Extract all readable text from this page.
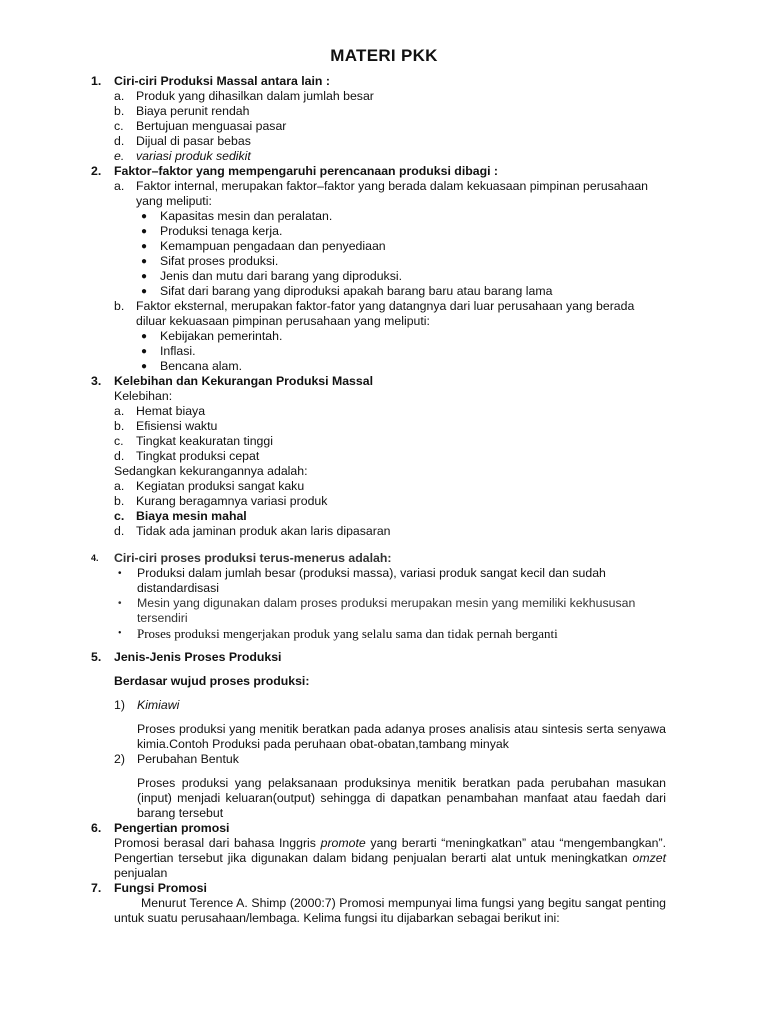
MATERI PKK
1. Ciri-ciri Produksi Massal antara lain :
a. Produk yang dihasilkan dalam jumlah besar
b. Biaya perunit rendah
c. Bertujuan menguasai pasar
d. Dijual di pasar bebas
e. variasi produk sedikit
2. Faktor–faktor yang mempengaruhi perencanaan produksi dibagi :
a. Faktor internal, merupakan faktor–faktor yang berada dalam kekuasaan pimpinan perusahaan yang meliputi:
● Kapasitas mesin dan peralatan.
● Produksi tenaga kerja.
● Kemampuan pengadaan dan penyediaan
● Sifat proses produksi.
● Jenis dan mutu dari barang yang diproduksi.
● Sifat dari barang yang diproduksi apakah barang baru atau barang lama
b. Faktor eksternal, merupakan faktor-fator yang datangnya dari luar perusahaan yang berada diluar kekuasaan pimpinan perusahaan yang meliputi:
● Kebijakan pemerintah.
● Inflasi.
● Bencana alam.
3. Kelebihan dan Kekurangan Produksi Massal
Kelebihan:
a. Hemat biaya
b. Efisiensi waktu
c. Tingkat keakuratan tinggi
d. Tingkat produksi cepat
Sedangkan kekurangannya adalah:
a. Kegiatan produksi sangat kaku
b. Kurang beragamnya variasi produk
c. Biaya mesin mahal
d. Tidak ada jaminan produk akan laris dipasaran
4. Ciri-ciri proses produksi terus-menerus adalah:
• Produksi dalam jumlah besar (produksi massa), variasi produk sangat kecil dan sudah distandardisasi
• Mesin yang digunakan dalam proses produksi merupakan mesin yang memiliki kekhususan tersendiri
• Proses produksi mengerjakan produk yang selalu sama dan tidak pernah berganti
5. Jenis-Jenis Proses Produksi
Berdasar wujud proses produksi:
1) Kimiawi
Proses produksi yang menitik beratkan pada adanya proses analisis atau sintesis serta senyawa kimia.Contoh Produksi pada peruhaan obat-obatan,tambang minyak
2) Perubahan Bentuk
Proses produksi yang pelaksanaan produksinya menitik beratkan pada perubahan masukan (input) menjadi keluaran(output) sehingga di dapatkan penambahan manfaat atau faedah dari barang tersebut
6. Pengertian promosi
Promosi berasal dari bahasa Inggris promote yang berarti “meningkatkan” atau “mengembangkan”. Pengertian tersebut jika digunakan dalam bidang penjualan berarti alat untuk meningkatkan omzet penjualan
7. Fungsi Promosi
Menurut Terence A. Shimp (2000:7) Promosi mempunyai lima fungsi yang begitu sangat penting untuk suatu perusahaan/lembaga. Kelima fungsi itu dijabarkan sebagai berikut ini:
